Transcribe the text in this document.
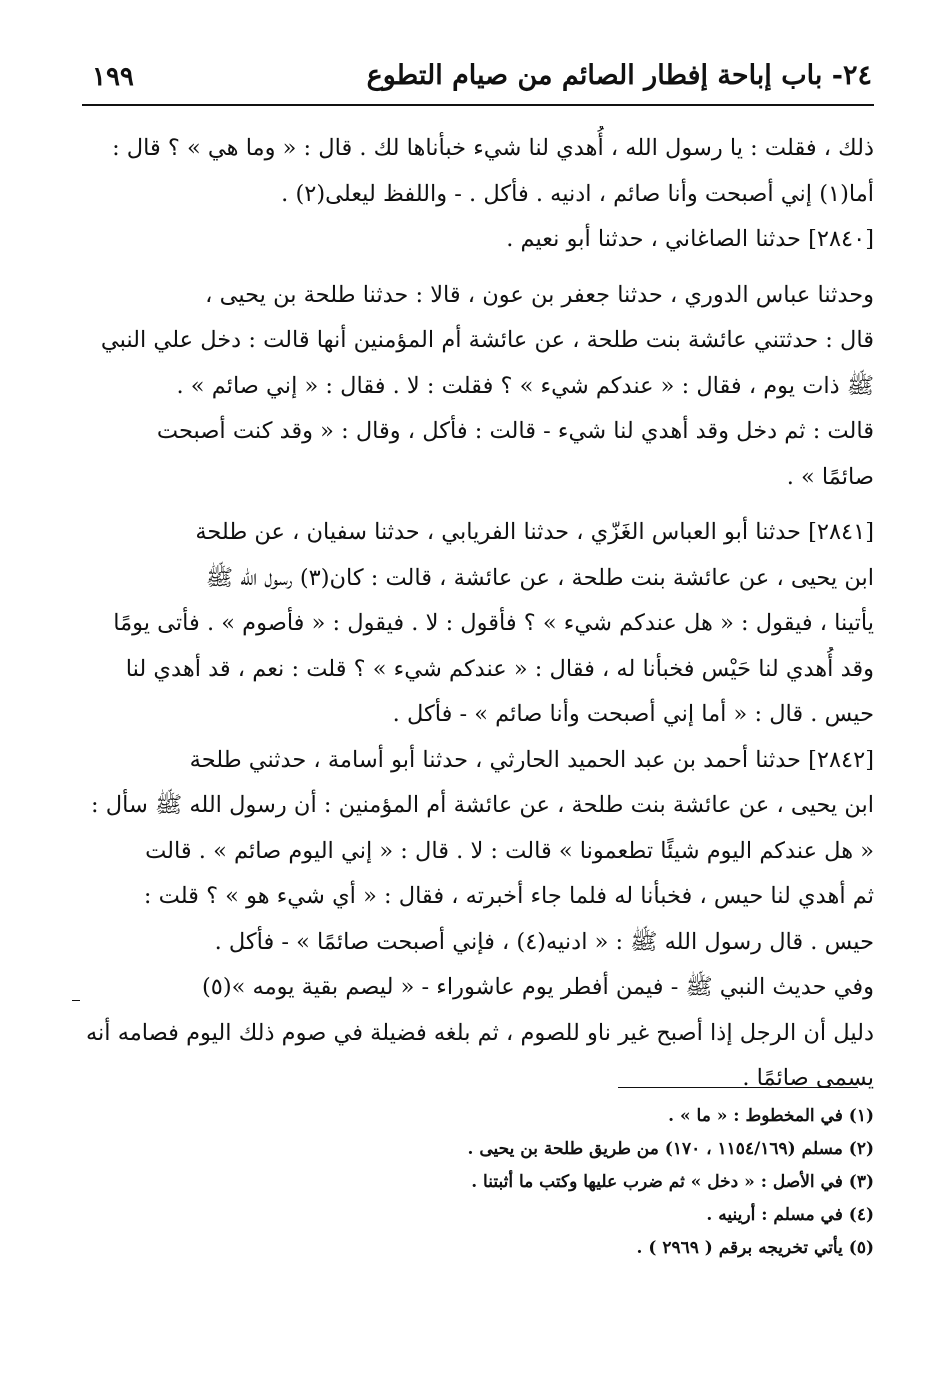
١٩٩	٢٤- باب إباحة إفطار الصائم من صيام التطوع
ذلك ، فقلت : يا رسول الله ، أُهدي لنا شيء خبأناها لك . قال : « وما هي » ؟ قال :
أما(١) إني أصبحت وأنا صائم ، ادنيه . فأكل . - واللفظ ليعلى(٢) .
[٢٨٤٠] حدثنا الصاغاني ، حدثنا أبو نعيم .
وحدثنا عباس الدوري ، حدثنا جعفر بن عون ، قالا : حدثنا طلحة بن يحيى ،
قال : حدثتني عائشة بنت طلحة ، عن عائشة أم المؤمنين أنها قالت : دخل علي النبي
ﷺ ذات يوم ، فقال : « عندكم شيء » ؟ فقلت : لا . فقال : « إني صائم » .
قالت : ثم دخل وقد أهدي لنا شيء - قالت : فأكل ، وقال : « وقد كنت أصبحت
صائمًا » .
[٢٨٤١] حدثنا أبو العباس الغَزّي ، حدثنا الفريابي ، حدثنا سفيان ، عن طلحة
ابن يحيى ، عن عائشة بنت طلحة ، عن عائشة ، قالت : كان(٣) رسول الله ﷺ
يأتينا ، فيقول : « هل عندكم شيء » ؟ فأقول : لا . فيقول : « فأصوم » . فأتى يومًا
وقد أُهدي لنا حَيْس فخبأنا له ، فقال : « عندكم شيء » ؟ قلت : نعم ، قد أهدي لنا
حيس . قال : « أما إني أصبحت وأنا صائم » - فأكل .
[٢٨٤٢] حدثنا أحمد بن عبد الحميد الحارثي ، حدثنا أبو أسامة ، حدثني طلحة
ابن يحيى ، عن عائشة بنت طلحة ، عن عائشة أم المؤمنين : أن رسول الله ﷺ سأل :
« هل عندكم اليوم شيئًا تطعمونا » قالت : لا . قال : « إني اليوم صائم » . قالت
ثم أهدي لنا حيس ، فخبأنا له فلما جاء أخبرته ، فقال : « أي شيء هو » ؟ قلت :
حيس . قال رسول الله ﷺ : « ادنيه(٤) ، فإني أصبحت صائمًا » - فأكل .
وفي حديث النبي ﷺ - فيمن أفطر يوم عاشوراء - « ليصم بقية يومه »(٥)
دليل أن الرجل إذا أصبح غير ناو للصوم ، ثم بلغه فضيلة في صوم ذلك اليوم فصامه أنه
يسمى صائمًا .
(١) في المخطوط : « ما » .
(٢) مسلم (١١٥٤/١٦٩ ، ١٧٠) من طريق طلحة بن يحيى .
(٣) في الأصل : « دخل » ثم ضرب عليها وكتب ما أثبتنا .
(٤) في مسلم : أرينيه .
(٥) يأتي تخريجه برقم ( ٢٩٦٩ ) .
